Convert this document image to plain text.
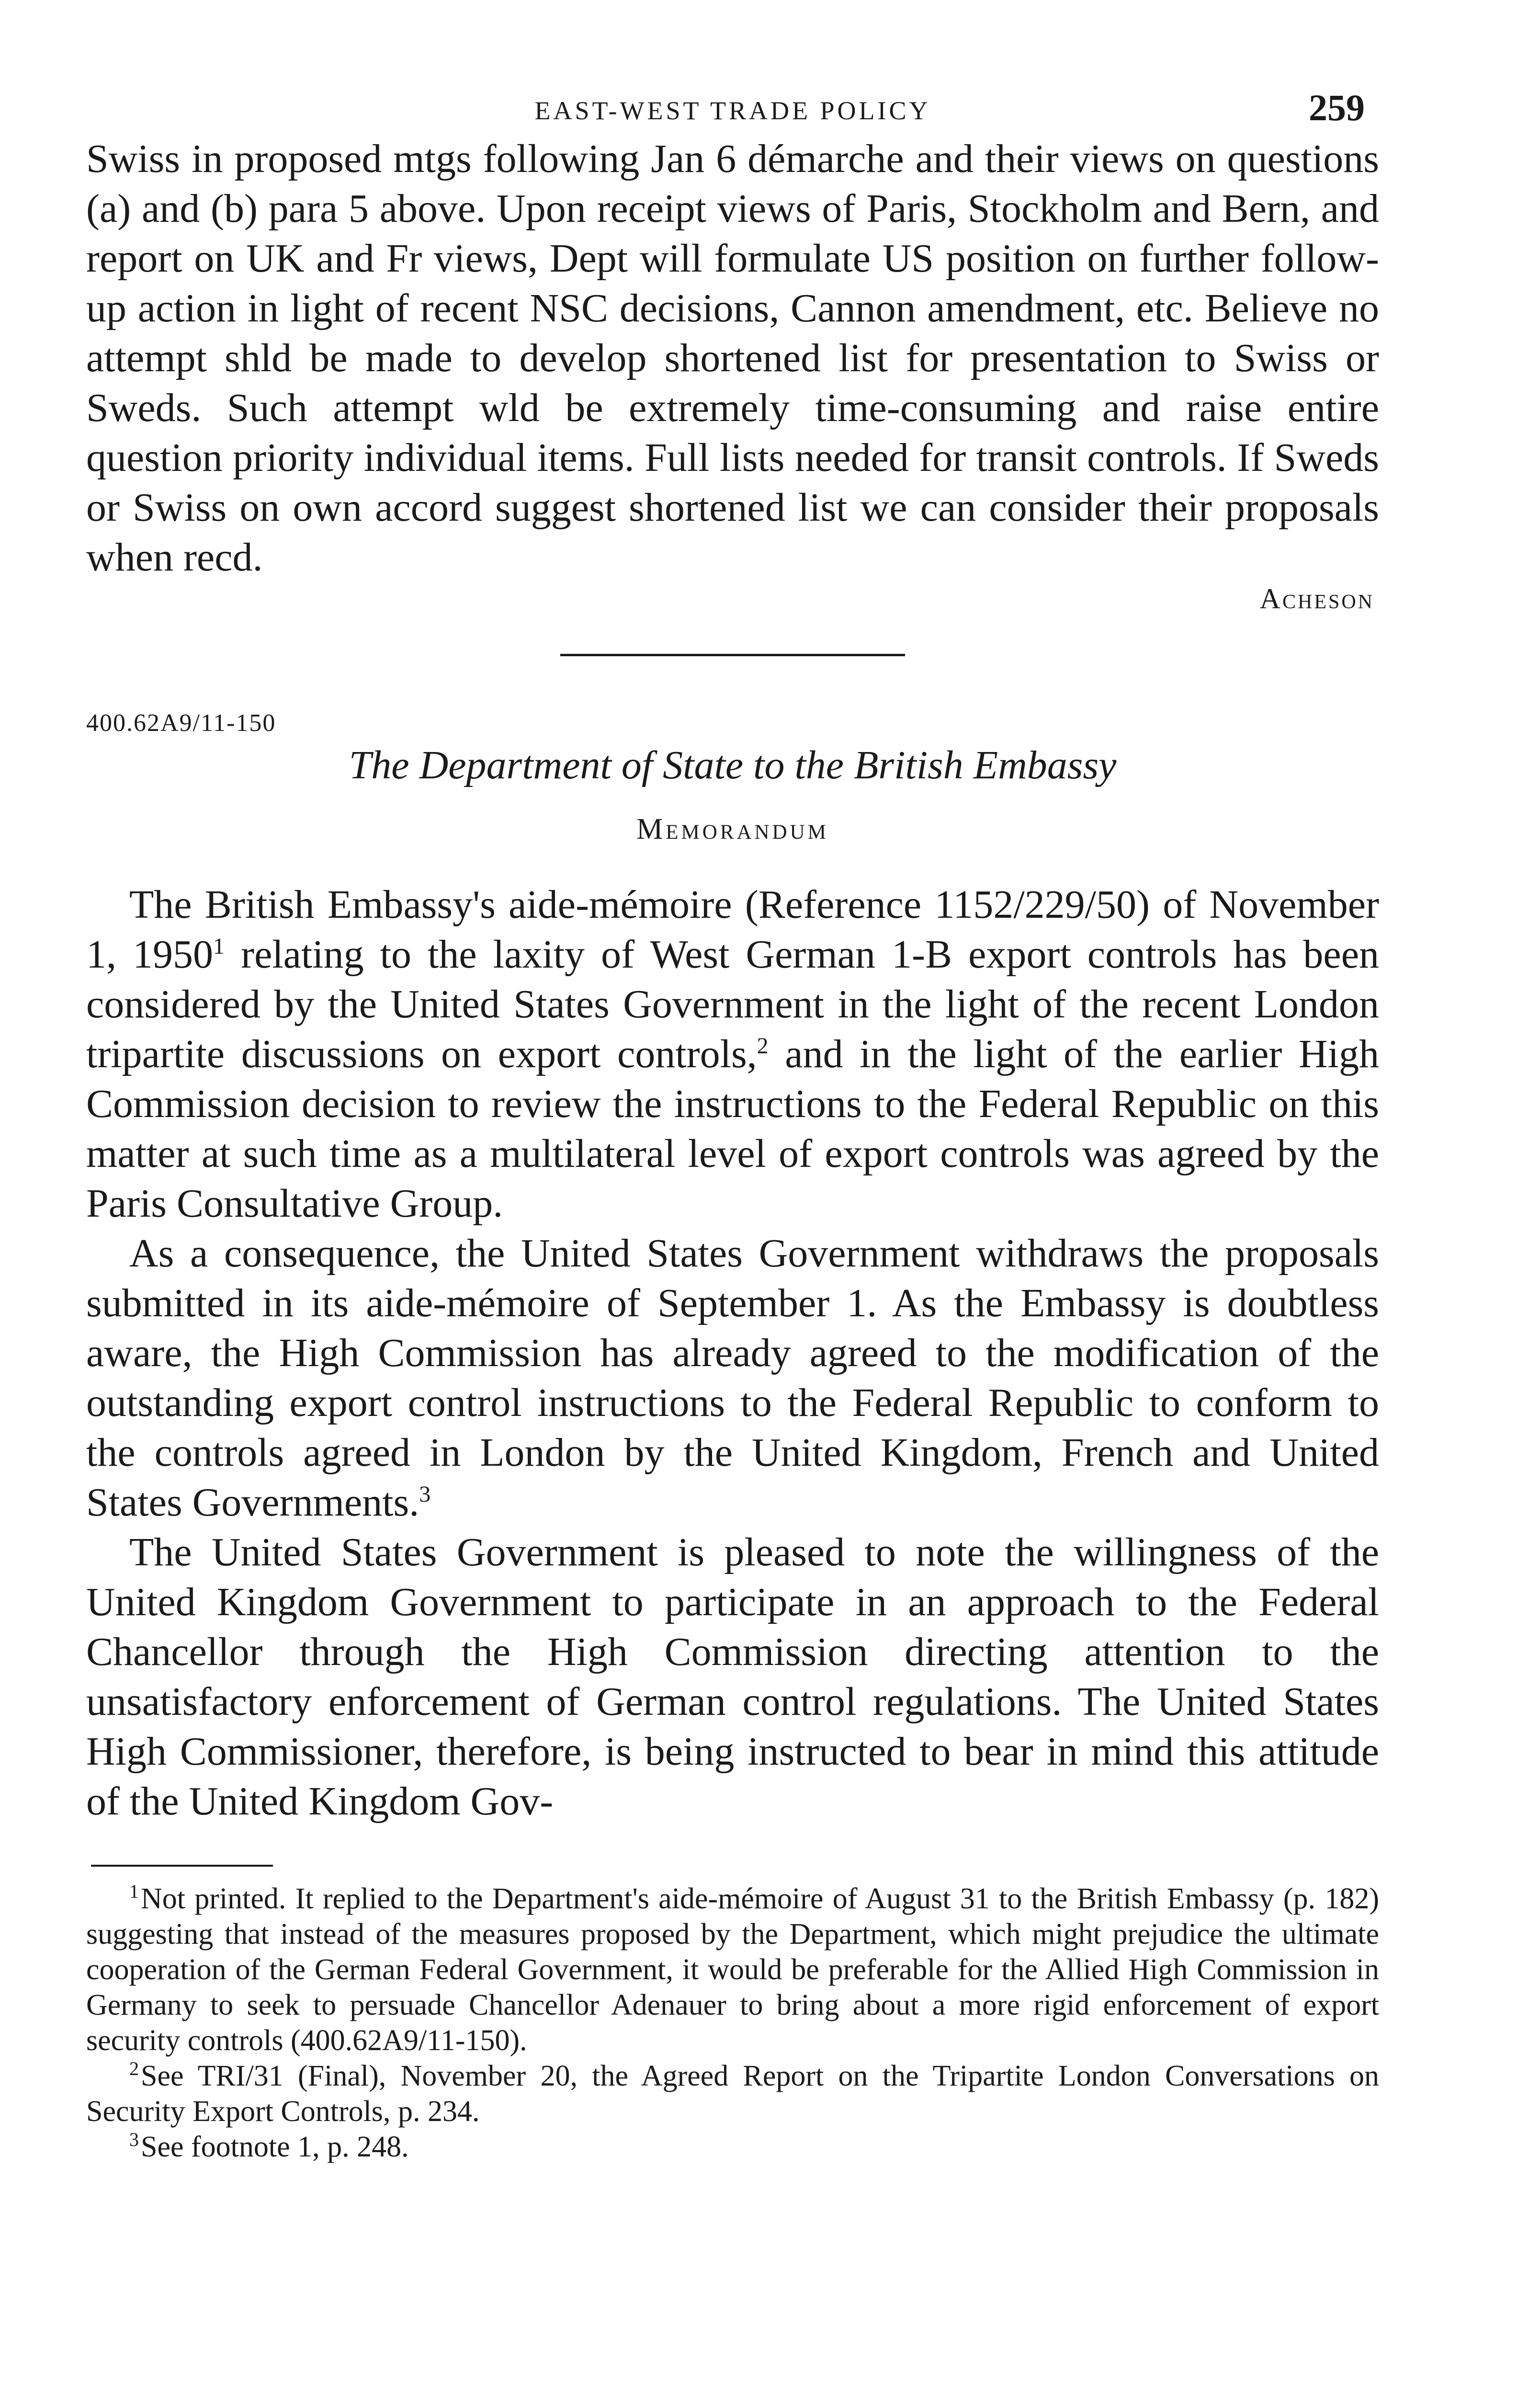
EAST-WEST TRADE POLICY	259

Swiss in proposed mtgs following Jan 6 démarche and their views on questions (a) and (b) para 5 above. Upon receipt views of Paris, Stockholm and Bern, and report on UK and Fr views, Dept will formulate US position on further follow-up action in light of recent NSC decisions, Cannon amendment, etc. Believe no attempt shld be made to develop shortened list for presentation to Swiss or Sweds. Such attempt wld be extremely time-consuming and raise entire question priority individual items. Full lists needed for transit controls. If Sweds or Swiss on own accord suggest shortened list we can consider their proposals when recd.

Acheson
400.62A9/11-150
The Department of State to the British Embassy
Memorandum

The British Embassy's aide-mémoire (Reference 1152/229/50) of November 1, 1950$^1$ relating to the laxity of West German 1-B export controls has been considered by the United States Government in the light of the recent London tripartite discussions on export controls,$^2$ and in the light of the earlier High Commission decision to review the instructions to the Federal Republic on this matter at such time as a multilateral level of export controls was agreed by the Paris Consultative Group.

As a consequence, the United States Government withdraws the proposals submitted in its aide-mémoire of September 1. As the Embassy is doubtless aware, the High Commission has already agreed to the modification of the outstanding export control instructions to the Federal Republic to conform to the controls agreed in London by the United Kingdom, French and United States Governments.$^3$

The United States Government is pleased to note the willingness of the United Kingdom Government to participate in an approach to the Federal Chancellor through the High Commission directing attention to the unsatisfactory enforcement of German control regulations. The United States High Commissioner, therefore, is being instructed to bear in mind this attitude of the United Kingdom Gov-

$^1$Not printed. It replied to the Department's aide-mémoire of August 31 to the British Embassy (p. 182) suggesting that instead of the measures proposed by the Department, which might prejudice the ultimate cooperation of the German Federal Government, it would be preferable for the Allied High Commission in Germany to seek to persuade Chancellor Adenauer to bring about a more rigid enforcement of export security controls (400.62A9/11-150).

$^2$See TRI/31 (Final), November 20, the Agreed Report on the Tripartite London Conversations on Security Export Controls, p. 234.

$^3$See footnote 1, p. 248.
